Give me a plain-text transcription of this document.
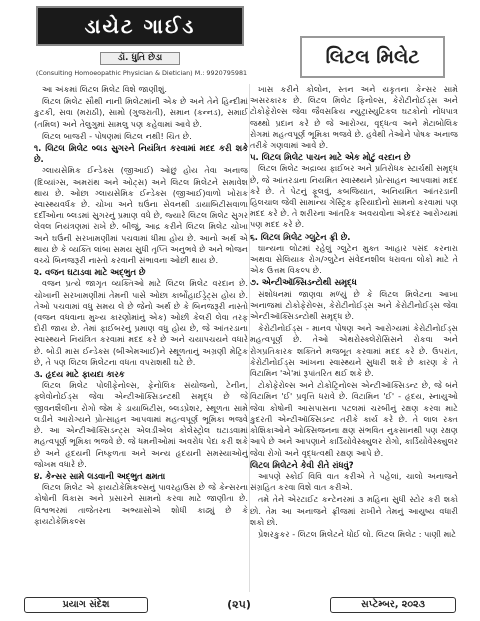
ડાયેટ ગાઈડ
લિટલ મિલેટ
ડૉ. ધુતિ છેડા
(Consulting Homoeopathic Physician & Dietician) M.: 9920795981

આ અંકમાં લિટલ મિલેટ વિશે જાણીશું.

લિટલ મિલેટ સૌથી નાની મિલેટમાંની એક છે અને તેને હિન્દીમાં કુટકી, સવા (મરાઠી), સામો (ગુજરાતી), સમાન (કન્નડ), સમાઈ (તમિલ) અને તેલુગુમાં સામલુ પણ કહેવામાં આવે છે.

લિટલ બાજરી - પોષણમાં લિટલ નથી! ચિંત છે.

૧. લિટલ મિલેટ બ્લડ સુગરને નિયંત્રિત કરવામાં મદદ કરી શકે છે.

ગ્લાયસેમિક ઈન્ડેક્સ (જીઆઈ) ઓછું હોય તેવા અનાજ (દિવ્યાંગ્સ, અમરાંથ અને ઓટ્સ) અને લિટલ મિલેટને સમાવેશ થાય છે. ઓછા ગ્લાયસેમિક ઈન્ડેક્સ (જીઆઈ)વાળો ખોરાક સ્વાસ્થ્યવર્ધક છે. ચોખા અને ઘઉંના સેવનથી ડાયાબિટીસવાળા દર્દીઓના બ્લડમાં સુગરનું પ્રમાણ વધે છે, જ્યારે લિટલ મિલેટ સુગર લેવલ નિયંત્રણમાં રાખે છે. બીજું, આદ્ર કરીને લિટલ મિલેટ ચોખા અને ઘઉંની સરખામણીમાં પચવામાં ધીમા હોય છે. આનો અર્થ એ થાય છે કે વ્યક્તિ લાંબા સમય સુધી તૃપ્તિ અનુભવે છે અને ભોજન વચ્ચે બિનજરૂરી નાસ્તો કરવાની સંભાવના ઓછી થાય છે.

૨. વજન ઘટાડવા માટે અદ્ભુત છે

વજન પ્રત્યે જાગૃત વ્યક્તિઓ માટે લિટલ મિલેટ વરદાન છે. ચોખાની સરખામણીમાં તેમની પાસે ઓછા કાર્બોહાઈડ્રેટ્સ હોય છે. તેઓ પચવામાં વધુ સમય લે છે જેનો અર્થ છે કે બિનજરૂરી નાસ્તો (વજન વધવાના મુખ્ય કારણોમાંનું એક) ઓછી કેલરી લેવા તરફ દોરી જાય છે. તેમાં ફાઈબરનું પ્રમાણ વધુ હોય છે, જે આંતરડાના સ્વાસ્થ્યને નિયંત્રિત કરવામાં મદદ કરે છે અને ચયાપચયને વધારે છે. બોડી માસ ઈન્ડેક્સ (બીએમઆઈ)ને સ્થૂળતાનું અગ્રણી મેટ્રિક છે, તે પણ લિટલ મિલેટના વધતા વપરાશથી ઘટે છે.

૩. હૃદય માટે ફાયદા કારક

લિટલ મિલેટ પોલીફેનોલ્સ, ફેનોલિક સંયોજનો, ટેનીન, ફ્લેવોનોઈડ્સ જેવા એન્ટીઑક્સિડન્ટથી સમૃદ્ધ છે જે જીવનશૈલીના રોગો જેમ કે ડાયાબિટીસ, બ્લડપ્રેશર, સ્થૂળતા સામે લડીને આરોગ્યને પ્રોત્સાહન આપવામાં મહત્વપૂર્ણ ભૂમિકા ભજવે છે. આ એન્ટીઑક્સિડન્ટ્સ એલડીએલ કોલેસ્ટ્રોલ ઘટાડવામાં મહત્વપૂર્ણ ભૂમિકા ભજવે છે. જે ધમનીઓમાં અવરોધ પેદા કરી શકે છે અને હૃદયની નિષ્ફળતા અને અન્ય હૃદયની સમસ્યાઓનું જોખમ વધારે છે.

૪. કેન્સર સામે લડવાની અદ્ભુત ક્ષમતા

લિટલ મિલેટ એ ફાયટોકેમિકલ્સનું પાવરહાઉસ છે જે કેન્સરના કોષોની વિકાસ અને પ્રસારને સામનો કરવા માટે જાણીતા છે. વિશ્વભરમાં તાજેતરના અભ્યાસોએ શોધી કાઢ્યું છે કે ફાયટોકેમિકલ્સ

ખાસ કરીને કોલોન, સ્તન અને યકૃતના કેન્સર સામે અસરકારક છે. લિટલ મિલેટ ફિનોલ્સ, કેરોટીનોઈડ્સ અને ટોકોફેરોલ્સ જેવા જૈવસક્રિય ન્યુટ્રાસ્યુટિકલ ઘટકોનો નોંધપાત્ર જથ્થો પ્રદાન કરે છે જે આરોગ્ય, વૃદ્ધત્વ અને મેટાબોલિક રોગમાં મહત્વપૂર્ણ ભૂમિકા ભજવે છે. હવેથી તેઓને પોષક અનાજ તરીકે ગણવામાં આવે છે.

૫. લિટલ મિલેટ પાચન માટે એક મોટું વરદાન છે

લિટલ મિલેટ અદ્રાવ્ય ફાઈબર અને પ્રતિરોધક સ્ટાર્ચથી સમૃદ્ધ છે, જે આંતરડાના નિયમિત સ્વાસ્થ્યને પ્રોત્સાહન આપવામાં મદદ કરે છે. તે પેટનું ફૂલવું, કબજિયાત, અનિયમિત આંતરડાની હિલચાલ જેવી સામાન્ય ગેસ્ટ્રિક ફરિયાદોનો સામનો કરવામાં પણ મદદ કરે છે. તે શરીરના આંતરિક અવયવોના એકંદર આરોગ્યમાં પણ મદદ કરે છે.

૬. લિટલ મિલેટ ગ્લુટેન ફ્રી છે.

ઘાન્યના લોટમાં રહેલું ગ્લુટેન મુક્ત આહાર પસંદ કરનારા અથવા સેલિયાક રોગ/ગ્લુટેન સંવેદનશીલ ધરાવતા લોકો માટે તે એક ઉત્તમ વિકલ્પ છે.

૭. એન્ટીઑક્સિડન્ટોથી સમૃદ્ધ

સંશોધનમાં જાણવા મળ્યું છે કે લિટલ મિલેટના આખા અનાજમાં ટોકોફેરોલ્સ, કેરોટીનોઈડ્સ અને કેરોટીનોઈડ્સ જેવા એન્ટીઑક્સિડન્ટોથી સમૃદ્ધ છે.

કેરોટીનોઈડ્સ - માનવ પોષણ અને આરોગ્યમાં કેરોટીનોઈડ્સ મહત્વપૂર્ણ છે. તેઓ એથરોસ્ક્લેરોસિસને રોકવા અને રોગપ્રતિકારક શક્તિને મજબૂત કરવામાં મદદ કરે છે. ઉપરાંત, કેરોટીનોઈડ્સ આંખના સ્વાસ્થ્યને સુધારી શકે છે કારણ કે તે વિટામિન 'એ'માં રૂપાંતરિત થઈ શકે છે.

ટોકોફેરોલ્સ અને ટોકોટ્રિનોલ્સ એન્ટીઑક્સિડન્ટ છે, જે બંને વિટામિન 'ઈ' પ્રવૃત્તિ ધરાવે છે. વિટામિન 'ઈ' - હૃદય, સ્નાયુઓ જેવા કોષોની આસપાસના પટલમાં ચરબીનું રક્ષણ કરવા માટે કુદરતી એન્ટીઑક્સિડન્ટ તરીકે કાર્ય કરે છે. તે લાલ રક્ત કોશિકાઓને ઓક્સિજનના ક્ષણ સંભવિત નુકસાનથી પણ રક્ષણ આપે છે અને આપણાને કાર્ડિયોવેસ્ક્યુલર રોગો, કાર્ડિયોવેસ્ક્યુલર જેવા રોગો અને વૃદ્ધત્વથી રક્ષણ આપે છે.

લિટલ મિલેટને કેવી રીતે રાંધવું?

આપણે સ્કોઈ વિવિ વાત કરીએ તે પહેલાં, ચાલો અનાજને સંગ્રહિત કરવા વિશે વાત કરીએ.

તમે તેને એરટાઈટ કન્ટેનરમાં ૩ મહિના સુધી સ્ટોર કરી શકો છો. તેમ આ અનાજને ફ્રીજમાં રાખીને તેમનું આયુષ્ય વધારી શકો છો.

પ્રેશરકુકર - લિટલ મિલેટને ધોઈ લો. લિટલ મિલેટ : પાણી માટે

પ્રયાગ સંદેશ	(૨૫)	સપ્ટેમ્બર, ૨૦૨૩
